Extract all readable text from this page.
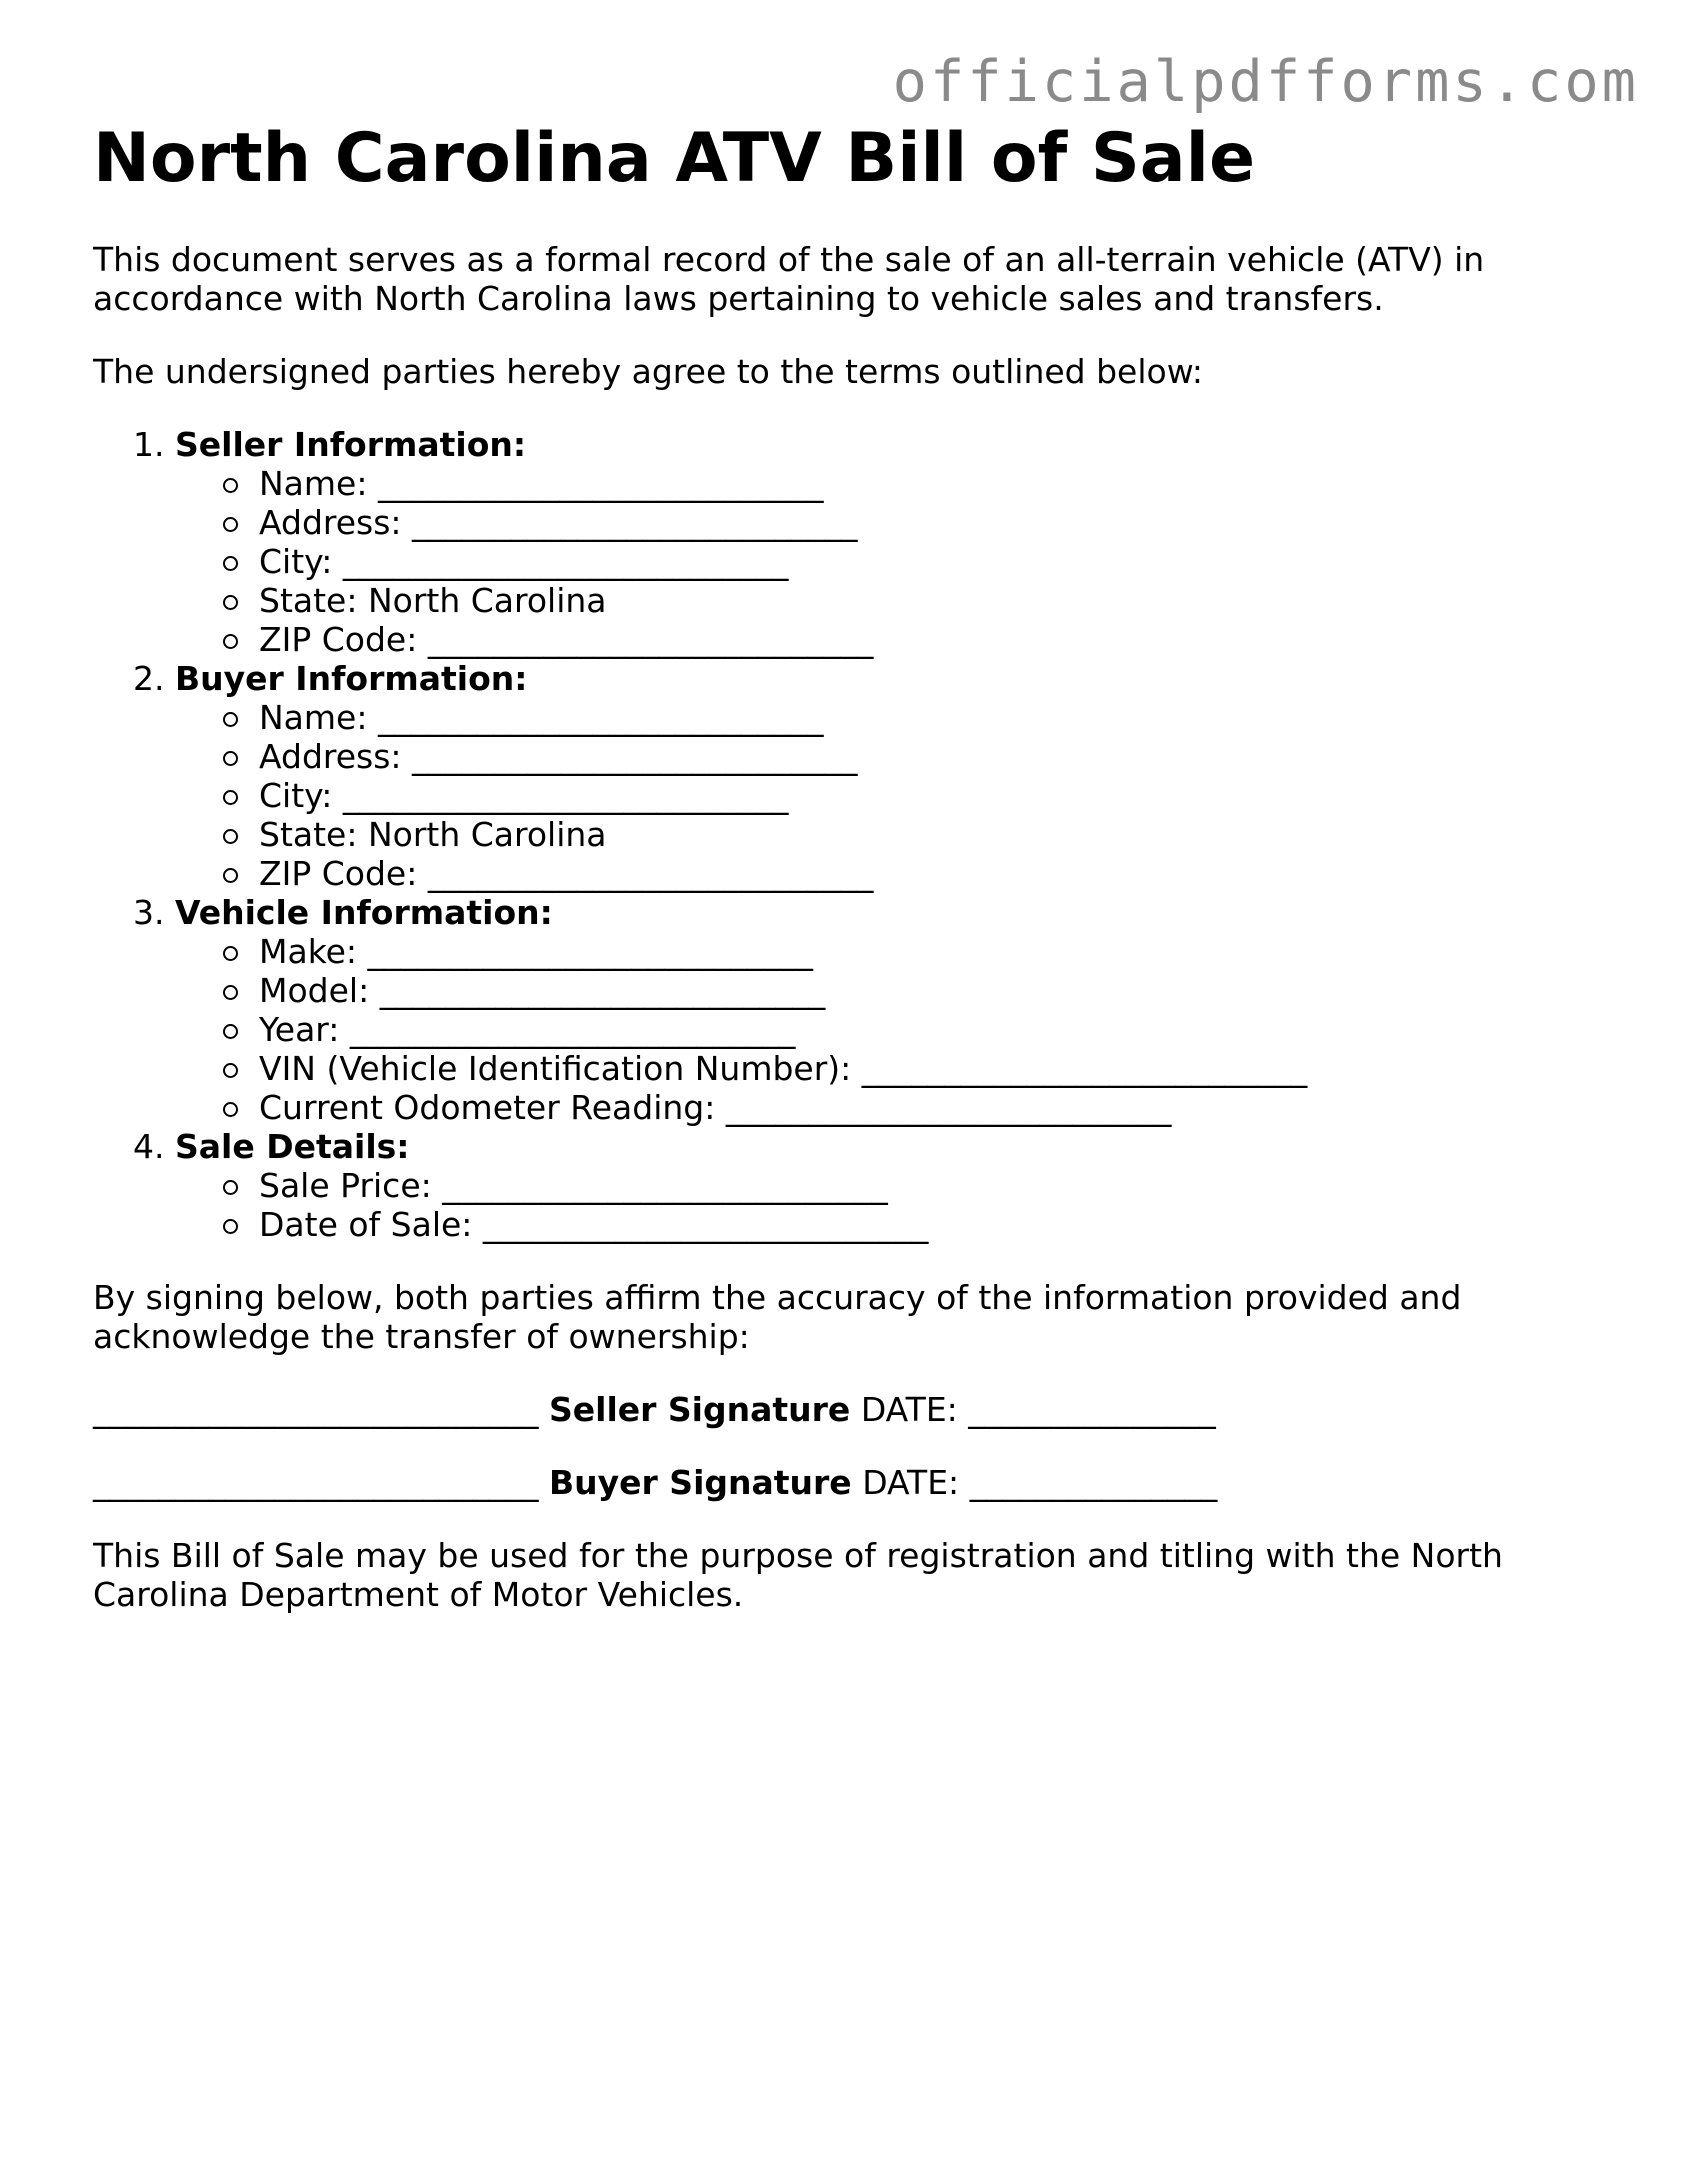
officialpdfforms.com
North Carolina ATV Bill of Sale

This document serves as a formal record of the sale of an all-terrain vehicle (ATV) in accordance with North Carolina laws pertaining to vehicle sales and transfers.

The undersigned parties hereby agree to the terms outlined below:

1. Seller Information:
Name: ___________________________
Address: ___________________________
City: ___________________________
State: North Carolina
ZIP Code: ___________________________
2. Buyer Information:
Name: ___________________________
Address: ___________________________
City: ___________________________
State: North Carolina
ZIP Code: ___________________________
3. Vehicle Information:
Make: ___________________________
Model: ___________________________
Year: ___________________________
VIN (Vehicle Identification Number): ___________________________
Current Odometer Reading: ___________________________
4. Sale Details:
Sale Price: ___________________________
Date of Sale: ___________________________

By signing below, both parties affirm the accuracy of the information provided and acknowledge the transfer of ownership:

___________________________ Seller Signature DATE: _______________
___________________________ Buyer Signature DATE: _______________

This Bill of Sale may be used for the purpose of registration and titling with the North Carolina Department of Motor Vehicles.
